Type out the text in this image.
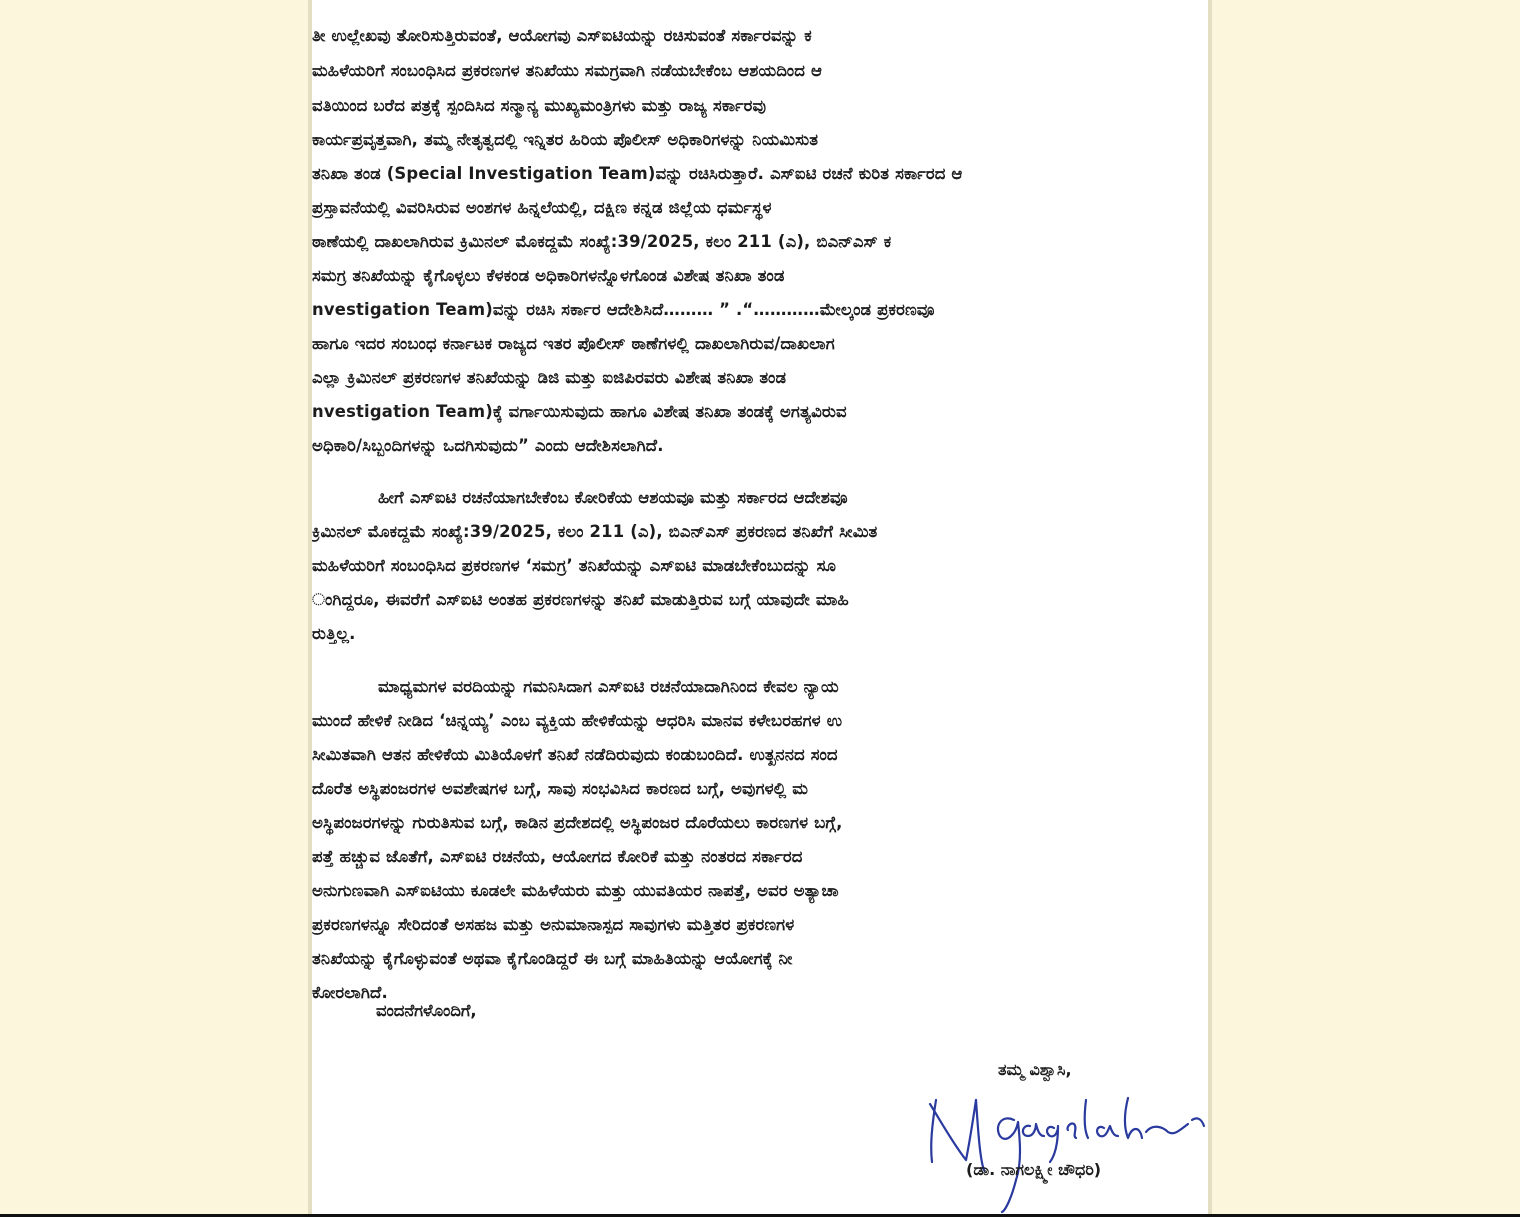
ತೀ ಉಲ್ಲೇಖವು ತೋರಿಸುತ್ತಿರುವಂತೆ, ಆಯೋಗವು ಎಸ್‌ಐಟಿಯನ್ನು ರಚಿಸುವಂತೆ ಸರ್ಕಾರವನ್ನು ಕ
ಮಹಿಳೆಯರಿಗೆ ಸಂಬಂಧಿಸಿದ ಪ್ರಕರಣಗಳ ತನಿಖೆಯು ಸಮಗ್ರವಾಗಿ ನಡೆಯಬೇಕೆಂಬ ಆಶಯದಿಂದ ಆ
ವತಿಯಿಂದ ಬರೆದ ಪತ್ರಕ್ಕೆ ಸ್ಪಂದಿಸಿದ ಸನ್ಮಾನ್ಯ ಮುಖ್ಯಮಂತ್ರಿಗಳು ಮತ್ತು ರಾಜ್ಯ ಸರ್ಕಾರವು
ಕಾರ್ಯಪ್ರವೃತ್ತವಾಗಿ, ತಮ್ಮ ನೇತೃತ್ವದಲ್ಲಿ ಇನ್ನಿತರ ಹಿರಿಯ ಪೊಲೀಸ್ ಅಧಿಕಾರಿಗಳನ್ನು ನಿಯಮಿಸುತ
ತನಿಖಾ ತಂಡ (Special Investigation Team)ವನ್ನು ರಚಿಸಿರುತ್ತಾರೆ. ಎಸ್‌ಐಟಿ ರಚನೆ ಕುರಿತ ಸರ್ಕಾರದ ಆ
ಪ್ರಸ್ತಾವನೆಯಲ್ಲಿ ವಿವರಿಸಿರುವ ಅಂಶಗಳ ಹಿನ್ನಲೆಯಲ್ಲಿ, ದಕ್ಷಿಣ ಕನ್ನಡ ಜಿಲ್ಲೆಯ ಧರ್ಮಸ್ಥಳ
ಠಾಣೆಯಲ್ಲಿ ದಾಖಲಾಗಿರುವ ಕ್ರಿಮಿನಲ್ ಮೊಕದ್ದಮೆ ಸಂಖ್ಯೆ:39/2025, ಕಲಂ 211 (ಎ), ಬಿಎನ್‌ಎಸ್ ಕ
ಸಮಗ್ರ ತನಿಖೆಯನ್ನು ಕೈಗೊಳ್ಳಲು ಕೆಳಕಂಡ ಅಧಿಕಾರಿಗಳನ್ನೊಳಗೊಂಡ ವಿಶೇಷ ತನಿಖಾ ತಂಡ
nvestigation Team)ವನ್ನು ರಚಿಸಿ ಸರ್ಕಾರ ಆದೇಶಿಸಿದೆ……… ” .“…………ಮೇಲ್ಕಂಡ ಪ್ರಕರಣವೂ
ಹಾಗೂ ಇದರ ಸಂಬಂಧ ಕರ್ನಾಟಕ ರಾಜ್ಯದ ಇತರ ಪೊಲೀಸ್ ಠಾಣೆಗಳಲ್ಲಿ ದಾಖಲಾಗಿರುವ/ದಾಖಲಾಗ
ಎಲ್ಲಾ ಕ್ರಿಮಿನಲ್ ಪ್ರಕರಣಗಳ ತನಿಖೆಯನ್ನು ಡಿಜಿ ಮತ್ತು ಐಜಿಪಿರವರು ವಿಶೇಷ ತನಿಖಾ ತಂಡ
nvestigation Team)ಕ್ಕೆ ವರ್ಗಾಯಿಸುವುದು ಹಾಗೂ ವಿಶೇಷ ತನಿಖಾ ತಂಡಕ್ಕೆ ಅಗತ್ಯವಿರುವ
ಅಧಿಕಾರಿ/ಸಿಬ್ಬಂದಿಗಳನ್ನು ಒದಗಿಸುವುದು” ಎಂದು ಆದೇಶಿಸಲಾಗಿದೆ.
ಹೀಗೆ ಎಸ್‌ಐಟಿ ರಚನೆಯಾಗಬೇಕೆಂಬ ಕೋರಿಕೆಯ ಆಶಯವೂ ಮತ್ತು ಸರ್ಕಾರದ ಆದೇಶವೂ
ಕ್ರಿಮಿನಲ್ ಮೊಕದ್ದಮೆ ಸಂಖ್ಯೆ:39/2025, ಕಲಂ 211 (ಎ), ಬಿಎನ್‌ಎಸ್ ಪ್ರಕರಣದ ತನಿಖೆಗೆ ಸೀಮಿತ
ಮಹಿಳೆಯರಿಗೆ ಸಂಬಂಧಿಸಿದ ಪ್ರಕರಣಗಳ ‘ಸಮಗ್ರ’ ತನಿಖೆಯನ್ನು ಎಸ್‌ಐಟಿ ಮಾಡಬೇಕೆಂಬುದನ್ನು ಸೂ
ಂಗಿದ್ದರೂ, ಈವರೆಗೆ ಎಸ್‌ಐಟಿ ಅಂತಹ ಪ್ರಕರಣಗಳನ್ನು ತನಿಖೆ ಮಾಡುತ್ತಿರುವ ಬಗ್ಗೆ ಯಾವುದೇ ಮಾಹಿ
ರುತ್ತಿಲ್ಲ.
ಮಾಧ್ಯಮಗಳ ವರದಿಯನ್ನು ಗಮನಿಸಿದಾಗ ಎಸ್‌ಐಟಿ ರಚನೆಯಾದಾಗಿನಿಂದ ಕೇವಲ ನ್ಯಾಯ
ಮುಂದೆ ಹೇಳಿಕೆ ನೀಡಿದ ‘ಚಿನ್ನಯ್ಯ’ ಎಂಬ ವ್ಯಕ್ತಿಯ ಹೇಳಿಕೆಯನ್ನು ಆಧರಿಸಿ ಮಾನವ ಕಳೇಬರಹಗಳ ಉ
ಸೀಮಿತವಾಗಿ ಆತನ ಹೇಳಿಕೆಯ ಮಿತಿಯೊಳಗೆ ತನಿಖೆ ನಡೆದಿರುವುದು ಕಂಡುಬಂದಿದೆ. ಉತ್ಖನನದ ಸಂದ
ದೊರೆತ ಅಸ್ಥಿಪಂಜರಗಳ ಅವಶೇಷಗಳ ಬಗ್ಗೆ, ಸಾವು ಸಂಭವಿಸಿದ ಕಾರಣದ ಬಗ್ಗೆ, ಅವುಗಳಲ್ಲಿ ಮ
ಅಸ್ಥಿಪಂಜರಗಳನ್ನು ಗುರುತಿಸುವ ಬಗ್ಗೆ, ಕಾಡಿನ ಪ್ರದೇಶದಲ್ಲಿ ಅಸ್ಥಿಪಂಜರ ದೊರೆಯಲು ಕಾರಣಗಳ ಬಗ್ಗೆ,
ಪತ್ತೆ ಹಚ್ಚುವ ಜೊತೆಗೆ, ಎಸ್‌ಐಟಿ ರಚನೆಯ, ಆಯೋಗದ ಕೋರಿಕೆ ಮತ್ತು ನಂತರದ ಸರ್ಕಾರದ
ಅನುಗುಣವಾಗಿ ಎಸ್‌ಐಟಿಯು ಕೂಡಲೇ ಮಹಿಳೆಯರು ಮತ್ತು ಯುವತಿಯರ ನಾಪತ್ತೆ, ಅವರ ಅತ್ಯಾಚಾ
ಪ್ರಕರಣಗಳನ್ನೂ ಸೇರಿದಂತೆ ಅಸಹಜ ಮತ್ತು ಅನುಮಾನಾಸ್ಪದ ಸಾವುಗಳು ಮತ್ತಿತರ ಪ್ರಕರಣಗಳ
ತನಿಖೆಯನ್ನು ಕೈಗೊಳ್ಳುವಂತೆ ಅಥವಾ ಕೈಗೊಂಡಿದ್ದರೆ ಈ ಬಗ್ಗೆ ಮಾಹಿತಿಯನ್ನು ಆಯೋಗಕ್ಕೆ ನೀ
ಕೋರಲಾಗಿದೆ.
ವಂದನೆಗಳೊಂದಿಗೆ,
ತಮ್ಮ ವಿಶ್ವಾಸಿ,
(ಡಾ. ನಾಗಲಕ್ಷ್ಮೀ ಚೌಧರಿ)
